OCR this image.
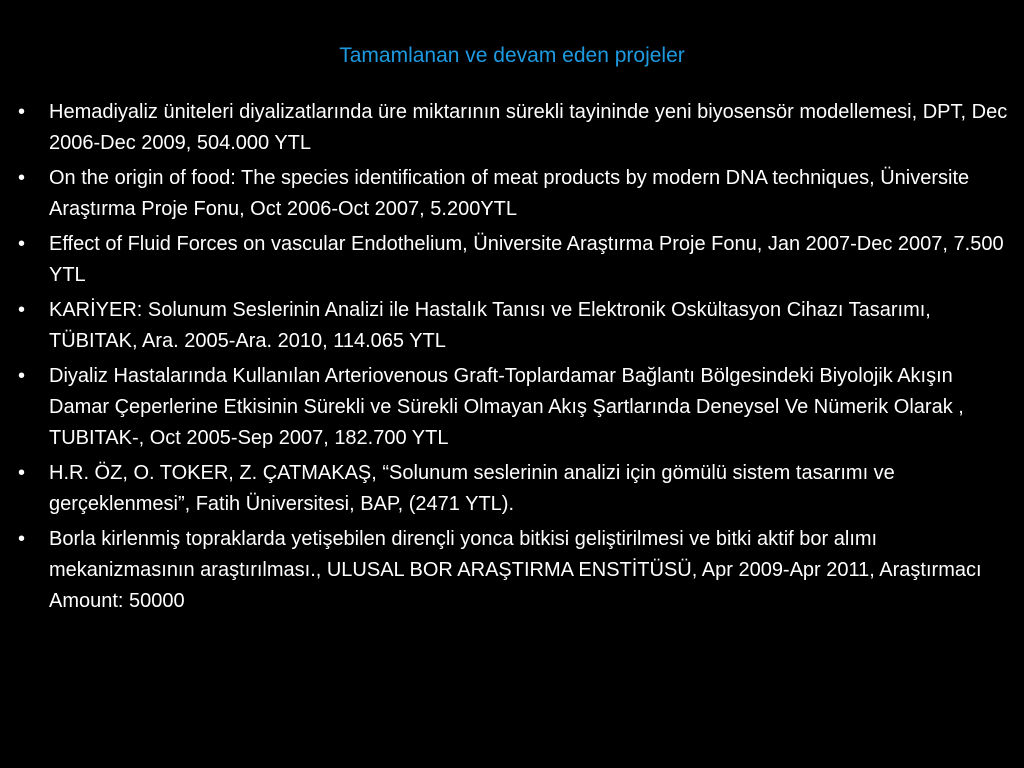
Tamamlanan ve devam eden projeler
•	Hemadiyaliz üniteleri diyalizatlarında üre miktarının sürekli tayininde yeni biyosensör modellemesi, DPT, Dec 2006-Dec 2009, 504.000 YTL
•	On the origin of food: The species identification of meat products by modern DNA techniques, Üniversite Araştırma Proje Fonu, Oct 2006-Oct 2007, 5.200YTL
•	Effect of Fluid Forces on vascular Endothelium, Üniversite Araştırma Proje Fonu, Jan 2007-Dec 2007, 7.500 YTL
•	KARİYER: Solunum Seslerinin Analizi ile Hastalık Tanısı ve Elektronik Oskültasyon Cihazı Tasarımı, TÜBITAK, Ara. 2005-Ara. 2010, 114.065 YTL
•	Diyaliz Hastalarında Kullanılan Arteriovenous Graft-Toplardamar Bağlantı Bölgesindeki Biyolojik Akışın Damar Çeperlerine Etkisinin Sürekli ve Sürekli Olmayan Akış Şartlarında Deneysel Ve Nümerik Olarak , TUBITAK-, Oct 2005-Sep 2007, 182.700 YTL
•	H.R. ÖZ, O. TOKER, Z. ÇATMAKAŞ, “Solunum seslerinin analizi için gömülü sistem tasarımı ve gerçeklenmesi”, Fatih Üniversitesi, BAP, (2471 YTL).
•	Borla kirlenmiş topraklarda yetişebilen dirençli yonca bitkisi geliştirilmesi ve bitki aktif bor alımı mekanizmasının araştırılması., ULUSAL BOR ARAŞTIRMA ENSTİTÜSÜ, Apr 2009-Apr 2011, Araştırmacı Amount: 50000
